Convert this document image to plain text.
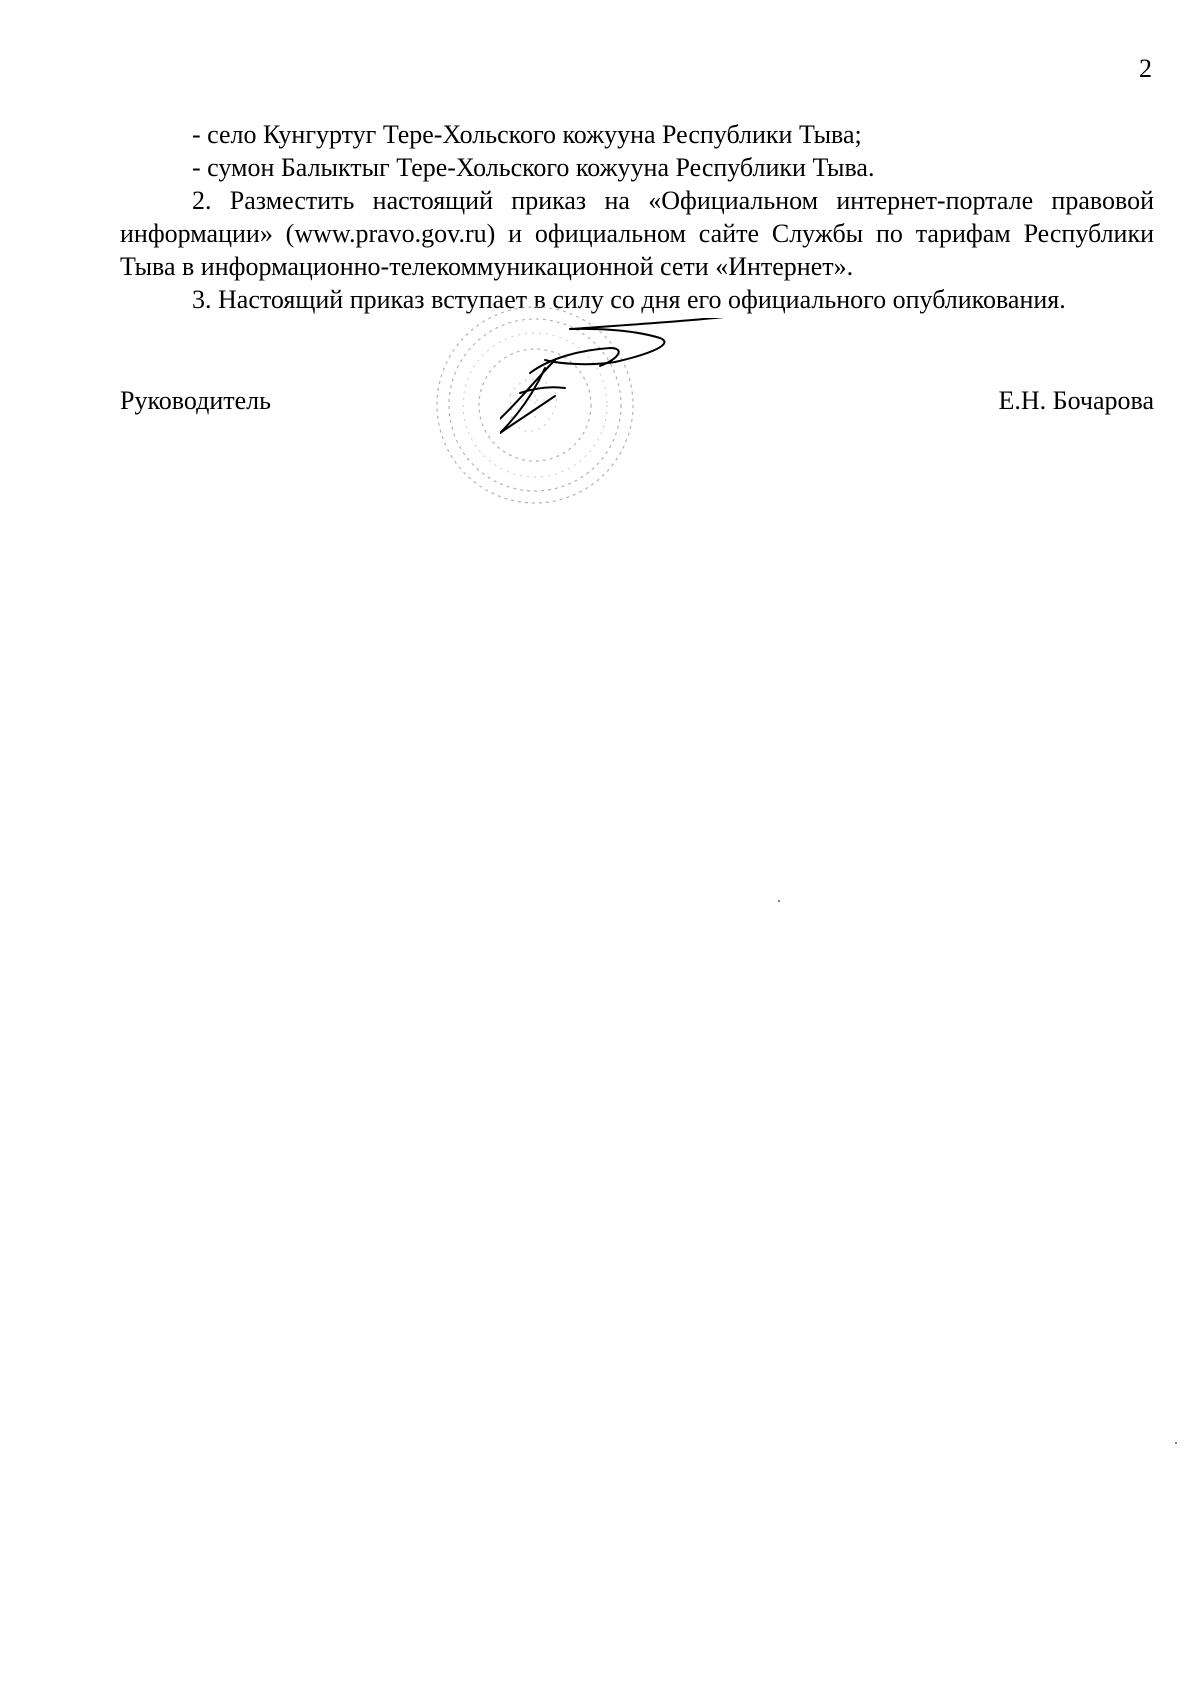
2

- село Кунгуртуг Тере-Хольского кожууна Республики Тыва;

- сумон Балыктыг Тере-Хольского кожууна Республики Тыва.

2. Разместить настоящий приказ на «Официальном интернет-портале правовой информации» (www.pravo.gov.ru) и официальном сайте Службы по тарифам Республики Тыва в информационно-телекоммуникационной сети «Интернет».

3. Настоящий приказ вступает в силу со дня его официального опубликования.

Руководитель	Е.Н. Бочарова
